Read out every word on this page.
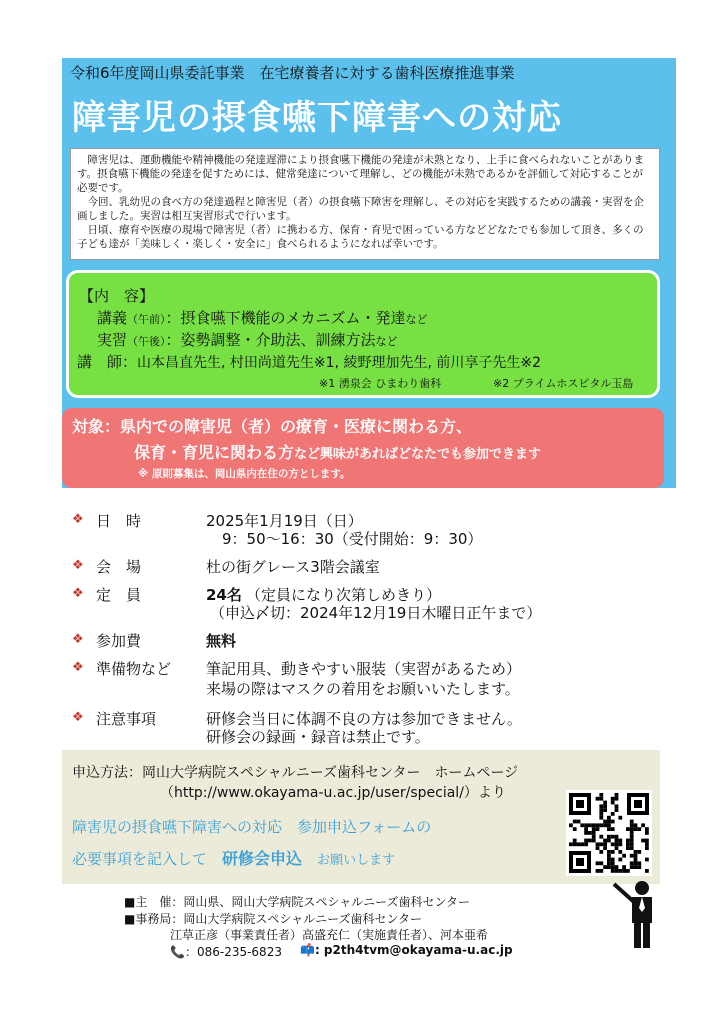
令和6年度岡山県委託事業　在宅療養者に対する歯科医療推進事業
障害児の摂食嚥下障害への対応

障害児は、運動機能や精神機能の発達遅滞により摂食嚥下機能の発達が未熟となり、上手に食べられないことがあります。摂食嚥下機能の発達を促すためには、健常発達について理解し、どの機能が未熟であるかを評価して対応することが必要です。

今回、乳幼児の食べ方の発達過程と障害児（者）の摂食嚥下障害を理解し、その対応を実践するための講義・実習を企画しました。実習は相互実習形式で行います。

日頃、療育や医療の現場で障害児（者）に携わる方、保育・育児で困っている方などどなたでも参加して頂き、多くの子ども達が「美味しく・楽しく・安全に」食べられるようになれば幸いです。

【内　容】
講義（午前）：摂食嚥下機能のメカニズム・発達など
実習（午後）：姿勢調整・介助法、訓練方法など
講　師：山本昌直先生, 村田尚道先生※1, 綾野理加先生, 前川享子先生※2
※1 湧泉会 ひまわり歯科	※2 プライムホスピタル玉島
対象：県内での障害児（者）の療育・医療に関わる方、
保育・育児に関わる方など興味があればどなたでも参加できます
※ 原則募集は、岡山県内在住の方とします。
❖ 日　時	2025年1月19日（日）
9：50〜16：30（受付開始：9：30）
❖ 会　場	杜の街グレース3階会議室
❖ 定　員	24名 （定員になり次第しめきり）
（申込〆切：2024年12月19日木曜日正午まで）
❖ 参加費	無料
❖ 準備物など 筆記用具、動きやすい服装（実習があるため）
来場の際はマスクの着用をお願いいたします。
❖ 注意事項	研修会当日に体調不良の方は参加できません。
研修会の録画・録音は禁止です。
申込方法：岡山大学病院スペシャルニーズ歯科センター　ホームページ
（http://www.okayama-u.ac.jp/user/special/）より
障害児の摂食嚥下障害への対応　参加申込フォームの
必要事項を記入して　 研修会申込　 お願いします
■主　催：岡山県、岡山大学病院スペシャルニーズ歯科センター
■事務局：岡山大学病院スペシャルニーズ歯科センター
江草正彦（事業責任者）高盛充仁（実施責任者）、河本亜希
📞：086-235-6823 📫: p2th4tvm@okayama-u.ac.jp
